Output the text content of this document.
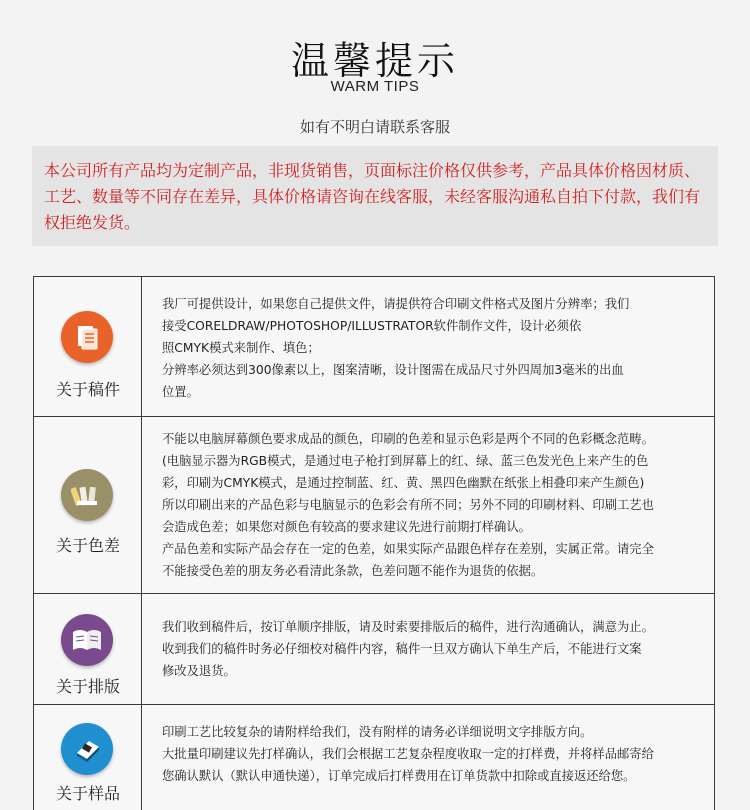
温馨提示
WARM TIPS
如有不明白请联系客服
本公司所有产品均为定制产品，非现货销售，页面标注价格仅供参考，产品具体价格因材质、工艺、数量等不同存在差异，具体价格请咨询在线客服，未经客服沟通私自拍下付款，我们有权拒绝发货。
关于稿件

我厂可提供设计，如果您自己提供文件，请提供符合印刷文件格式及图片分辨率；我们

接受CORELDRAW/PHOTOSHOP/ILLUSTRATOR软件制作文件，设计必须依

照CMYK模式来制作、填色；

分辨率必须达到300像素以上，图案清晰，设计图需在成品尺寸外四周加3毫米的出血

位置。

关于色差

不能以电脑屏幕颜色要求成品的颜色，印刷的色差和显示色彩是两个不同的色彩概念范畴。

(电脑显示器为RGB模式，是通过电子枪打到屏幕上的红、绿、蓝三色发光色上来产生的色

彩，印刷为CMYK模式，是通过控制蓝、红、黄、黑四色幽默在纸张上相叠印来产生颜色)

所以印刷出来的产品色彩与电脑显示的色彩会有所不同；另外不同的印刷材料、印刷工艺也

会造成色差；如果您对颜色有较高的要求建议先进行前期打样确认。

产品色差和实际产品会存在一定的色差，如果实际产品跟色样存在差别，实属正常。请完全

不能接受色差的朋友务必看清此条款，色差问题不能作为退货的依据。

关于排版

我们收到稿件后，按订单顺序排版，请及时索要排版后的稿件，进行沟通确认，满意为止。

收到我们的稿件时务必仔细校对稿件内容，稿件一旦双方确认下单生产后，不能进行文案

修改及退货。

关于样品

印刷工艺比较复杂的请附样给我们，没有附样的请务必详细说明文字排版方向。

大批量印刷建议先打样确认，我们会根据工艺复杂程度收取一定的打样费，并将样品邮寄给

您确认默认（默认申通快递），订单完成后打样费用在订单货款中扣除或直接返还给您。
